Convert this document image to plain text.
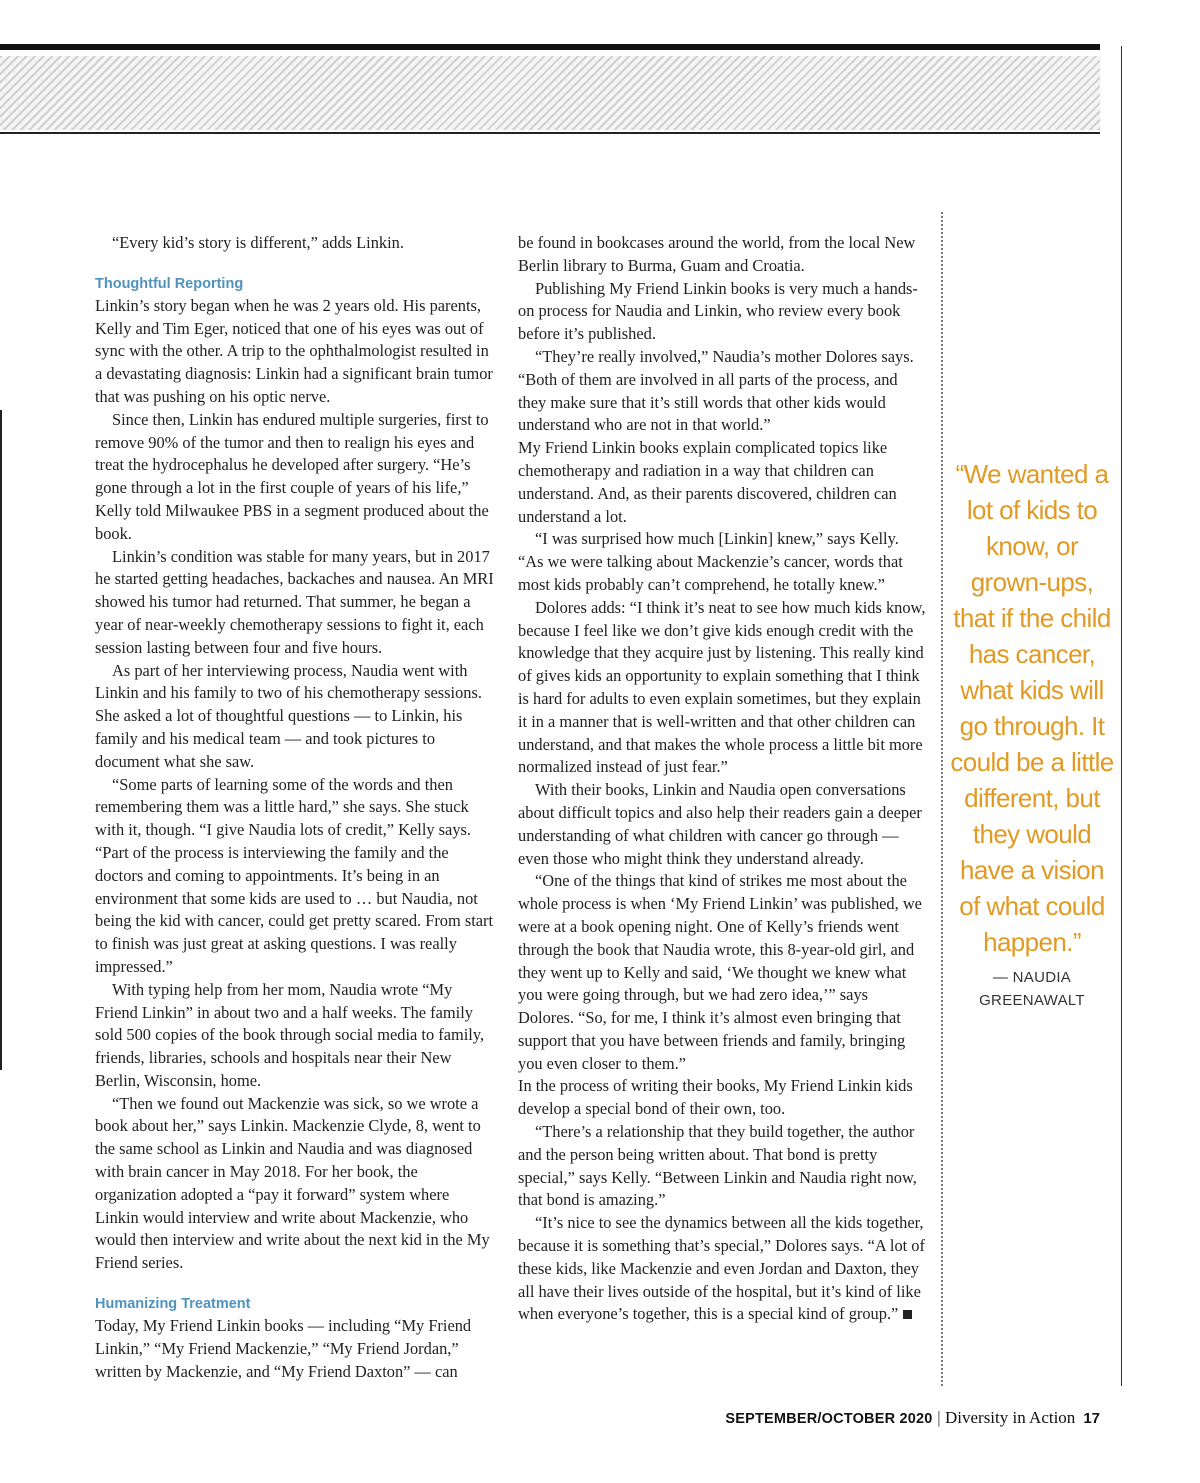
“Every kid’s story is different,” adds Linkin.

Thoughtful Reporting

Linkin’s story began when he was 2 years old. His parents, Kelly and Tim Eger, noticed that one of his eyes was out of sync with the other. A trip to the ophthalmologist resulted in a devastating diagnosis: Linkin had a significant brain tumor that was pushing on his optic nerve.

Since then, Linkin has endured multiple surgeries, first to remove 90% of the tumor and then to realign his eyes and treat the hydrocephalus he developed after surgery. “He’s gone through a lot in the first couple of years of his life,” Kelly told Milwaukee PBS in a segment produced about the book.

Linkin’s condition was stable for many years, but in 2017 he started getting headaches, backaches and nausea. An MRI showed his tumor had returned. That summer, he began a year of near-weekly chemotherapy sessions to fight it, each session lasting between four and five hours.

As part of her interviewing process, Naudia went with Linkin and his family to two of his chemotherapy sessions. She asked a lot of thoughtful questions — to Linkin, his family and his medical team — and took pictures to document what she saw.

“Some parts of learning some of the words and then remembering them was a little hard,” she says. She stuck with it, though. “I give Naudia lots of credit,” Kelly says. “Part of the process is interviewing the family and the doctors and coming to appointments. It’s being in an environment that some kids are used to … but Naudia, not being the kid with cancer, could get pretty scared. From start to finish was just great at asking questions. I was really impressed.”

With typing help from her mom, Naudia wrote “My Friend Linkin” in about two and a half weeks. The family sold 500 copies of the book through social media to family, friends, libraries, schools and hospitals near their New Berlin, Wisconsin, home.

“Then we found out Mackenzie was sick, so we wrote a book about her,” says Linkin. Mackenzie Clyde, 8, went to the same school as Linkin and Naudia and was diagnosed with brain cancer in May 2018. For her book, the organization adopted a “pay it forward” system where Linkin would interview and write about Mackenzie, who would then interview and write about the next kid in the My Friend series.

Humanizing Treatment

Today, My Friend Linkin books — including “My Friend Linkin,” “My Friend Mackenzie,” “My Friend Jordan,” written by Mackenzie, and “My Friend Daxton” — can

be found in bookcases around the world, from the local New Berlin library to Burma, Guam and Croatia.

Publishing My Friend Linkin books is very much a hands-on process for Naudia and Linkin, who review every book before it’s published.

“They’re really involved,” Naudia’s mother Dolores says. “Both of them are involved in all parts of the process, and they make sure that it’s still words that other kids would understand who are not in that world.”

My Friend Linkin books explain complicated topics like chemotherapy and radiation in a way that children can understand. And, as their parents discovered, children can understand a lot.

“I was surprised how much [Linkin] knew,” says Kelly. “As we were talking about Mackenzie’s cancer, words that most kids probably can’t comprehend, he totally knew.”

Dolores adds: “I think it’s neat to see how much kids know, because I feel like we don’t give kids enough credit with the knowledge that they acquire just by listening. This really kind of gives kids an opportunity to explain something that I think is hard for adults to even explain sometimes, but they explain it in a manner that is well-written and that other children can understand, and that makes the whole process a little bit more normalized instead of just fear.”

With their books, Linkin and Naudia open conversations about difficult topics and also help their readers gain a deeper understanding of what children with cancer go through — even those who might think they understand already.

“One of the things that kind of strikes me most about the whole process is when ‘My Friend Linkin’ was published, we were at a book opening night. One of Kelly’s friends went through the book that Naudia wrote, this 8-year-old girl, and they went up to Kelly and said, ‘We thought we knew what you were going through, but we had zero idea,’” says Dolores. “So, for me, I think it’s almost even bringing that support that you have between friends and family, bringing you even closer to them.”

In the process of writing their books, My Friend Linkin kids develop a special bond of their own, too.

“There’s a relationship that they build together, the author and the person being written about. That bond is pretty special,” says Kelly. “Between Linkin and Naudia right now, that bond is amazing.”

“It’s nice to see the dynamics between all the kids together, because it is something that’s special,” Dolores says. “A lot of these kids, like Mackenzie and even Jordan and Daxton, they all have their lives outside of the hospital, but it’s kind of like when everyone’s together, this is a special kind of group.”

“We wanted a lot of kids to know, or grown-ups, that if the child has cancer, what kids will go through. It could be a little different, but they would have a vision of what could happen.”
— NAUDIA GREENAWALT
SEPTEMBER/OCTOBER 2020 | Diversity in Action 17
